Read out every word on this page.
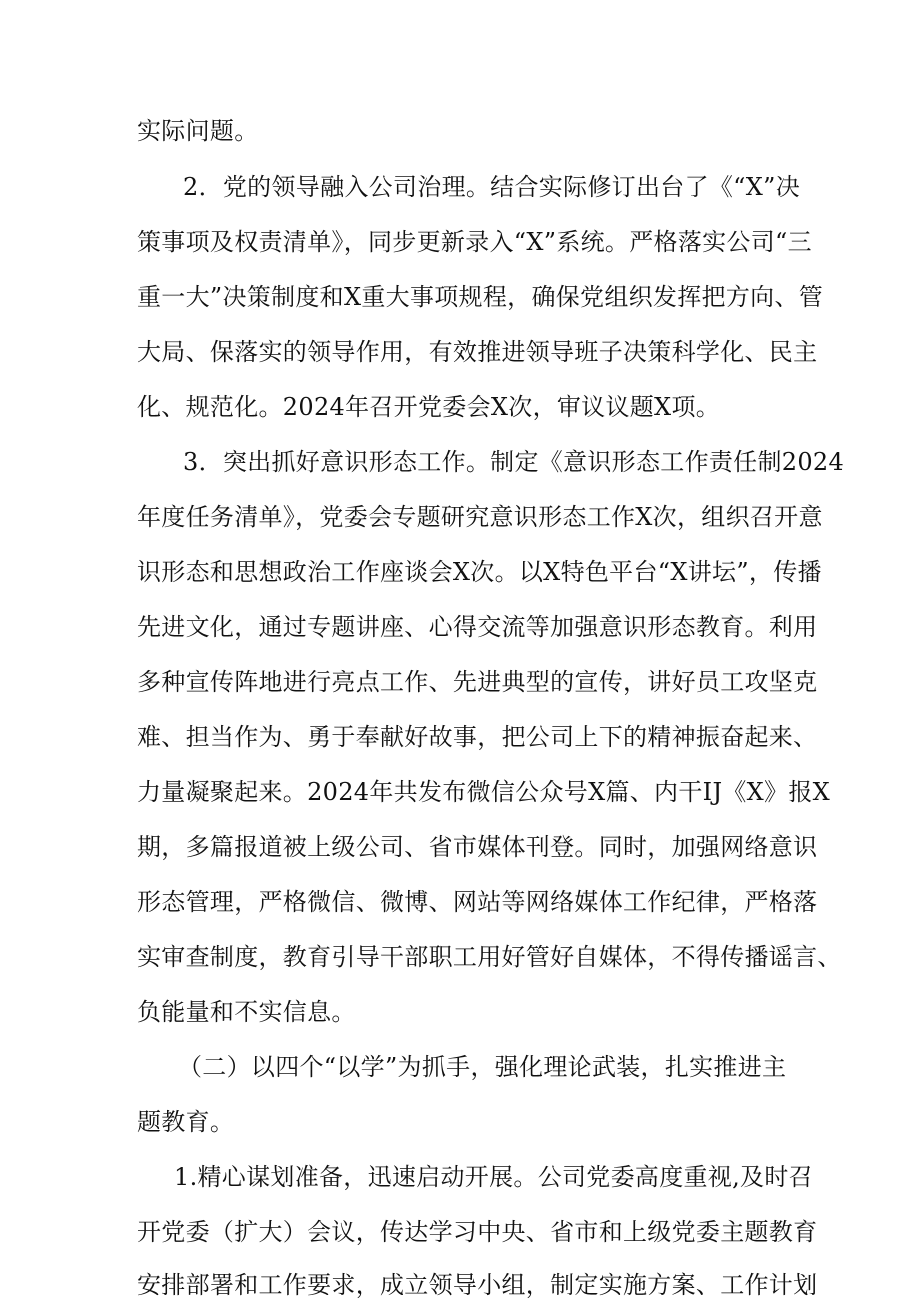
实际问题。
2．党的领导融入公司治理。结合实际修订出台了《“X”决
策事项及权责清单》，同步更新录入“X”系统。严格落实公司“三
重一大”决策制度和X重大事项规程，确保党组织发挥把方向、管
大局、保落实的领导作用，有效推进领导班子决策科学化、民主
化、规范化。2024年召开党委会X次，审议议题X项。
3．突出抓好意识形态工作。制定《意识形态工作责任制2024
年度任务清单》，党委会专题研究意识形态工作X次，组织召开意
识形态和思想政治工作座谈会X次。以X特色平台“X讲坛”，传播
先进文化，通过专题讲座、心得交流等加强意识形态教育。利用
多种宣传阵地进行亮点工作、先进典型的宣传，讲好员工攻坚克
难、担当作为、勇于奉献好故事，把公司上下的精神振奋起来、
力量凝聚起来。2024年共发布微信公众号X篇、内干IJ《X》报X
期，多篇报道被上级公司、省市媒体刊登。同时，加强网络意识
形态管理，严格微信、微博、网站等网络媒体工作纪律，严格落
实审查制度，教育引导干部职工用好管好自媒体，不得传播谣言、
负能量和不实信息。
（二）以四个“以学”为抓手，强化理论武装，扎实推进主
题教育。
1.精心谋划准备，迅速启动开展。公司党委高度重视,及时召
开党委（扩大）会议，传达学习中央、省市和上级党委主题教育
安排部署和工作要求，成立领导小组，制定实施方案、工作计划
